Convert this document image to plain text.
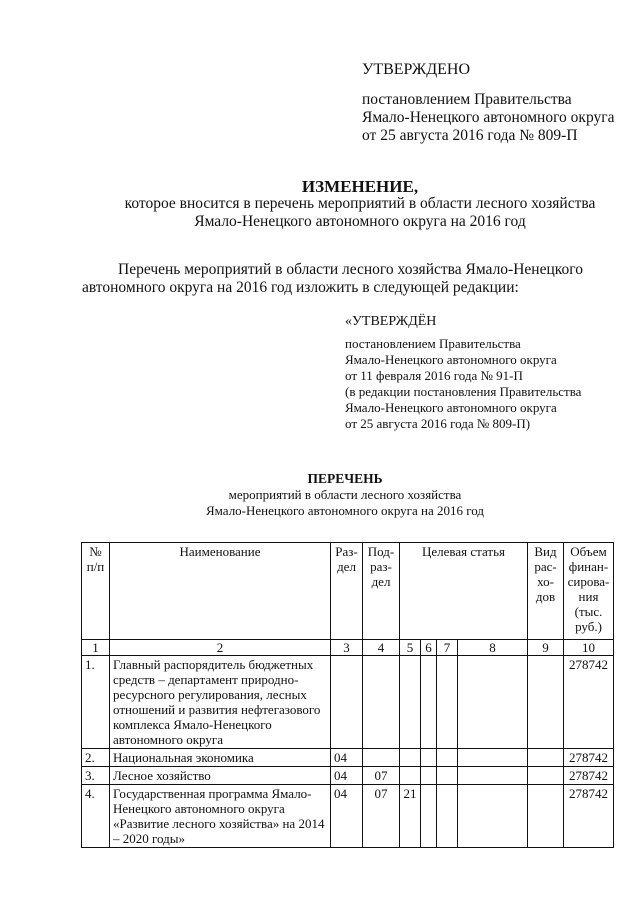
УТВЕРЖДЕНО
постановлением Правительства
Ямало-Ненецкого автономного округа
от 25 августа 2016 года № 809-П
ИЗМЕНЕНИЕ,
которое вносится в перечень мероприятий в области лесного хозяйства
Ямало-Ненецкого автономного округа на 2016 год
Перечень мероприятий в области лесного хозяйства Ямало-Ненецкого
автономного округа на 2016 год изложить в следующей редакции:
«УТВЕРЖДЁН
постановлением Правительства
Ямало-Ненецкого автономного округа
от 11 февраля 2016 года № 91-П
(в редакции постановления Правительства
Ямало-Ненецкого автономного округа
от 25 августа 2016 года № 809-П)
ПЕРЕЧЕНЬ
мероприятий в области лесного хозяйства
Ямало-Ненецкого автономного округа на 2016 год
№ п/п	Наименование	Раз- дел	Под- раз- дел	Целевая статья				Вид рас- хо- дов	Объем финан- сирова- ния (тыс. руб.)
1	2	3	4	5	6	7	8	9	10
1.	Главный распорядитель бюджетных средств – департамент природно-ресурсного регулирования, лесных отношений и развития нефтегазового комплекса Ямало-Ненецкого автономного округа								278742
2.	Национальная экономика	04							278742
3.	Лесное хозяйство	04	07						278742
4.	Государственная программа Ямало-Ненецкого автономного округа «Развитие лесного хозяйства» на 2014 – 2020 годы»	04	07	21					278742
